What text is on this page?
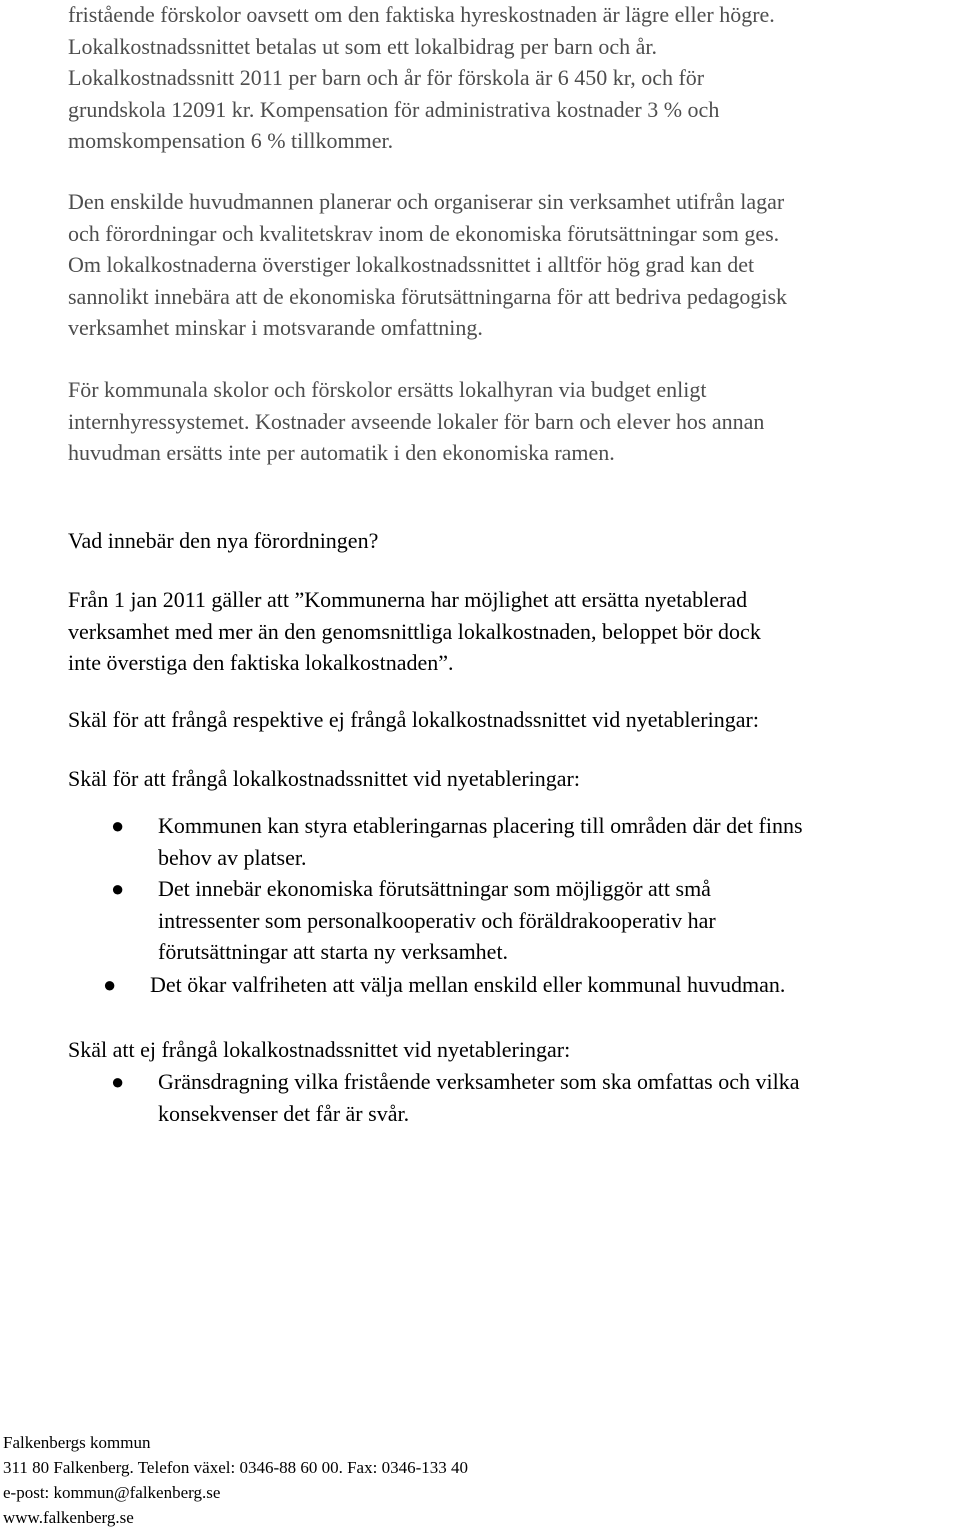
fristående förskolor oavsett om den faktiska hyreskostnaden är lägre eller högre.
Lokalkostnadssnittet betalas ut som ett lokalbidrag per barn och år.
Lokalkostnadssnitt 2011 per barn och år för förskola är 6 450 kr, och för
grundskola 12091 kr. Kompensation för administrativa kostnader 3 % och
momskompensation 6 % tillkommer.

Den enskilde huvudmannen planerar och organiserar sin verksamhet utifrån lagar
och förordningar och kvalitetskrav inom de ekonomiska förutsättningar som ges.
Om lokalkostnaderna överstiger lokalkostnadssnittet i alltför hög grad kan det
sannolikt innebära att de ekonomiska förutsättningarna för att bedriva pedagogisk
verksamhet minskar i motsvarande omfattning.

För kommunala skolor och förskolor ersätts lokalhyran via budget enligt
internhyressystemet. Kostnader avseende lokaler för barn och elever hos annan
huvudman ersätts inte per automatik i den ekonomiska ramen.

Vad innebär den nya förordningen?

Från 1 jan 2011 gäller att ”Kommunerna har möjlighet att ersätta nyetablerad
verksamhet med mer än den genomsnittliga lokalkostnaden, beloppet bör dock
inte överstiga den faktiska lokalkostnaden”.

Skäl för att frångå respektive ej frångå lokalkostnadssnittet vid nyetableringar:

Skäl för att frångå lokalkostnadssnittet vid nyetableringar:

● Kommunen kan styra etableringarnas placering till områden där det finns
behov av platser.
● Det innebär ekonomiska förutsättningar som möjliggör att små
intressenter som personalkooperativ och föräldrakooperativ har
förutsättningar att starta ny verksamhet.
● Det ökar valfriheten att välja mellan enskild eller kommunal huvudman.

Skäl att ej frångå lokalkostnadssnittet vid nyetableringar:

● Gränsdragning vilka fristående verksamheter som ska omfattas och vilka
konsekvenser det får är svår.
Falkenbergs kommun
311 80 Falkenberg. Telefon växel: 0346-88 60 00. Fax: 0346-133 40
e-post: kommun@falkenberg.se
www.falkenberg.se
